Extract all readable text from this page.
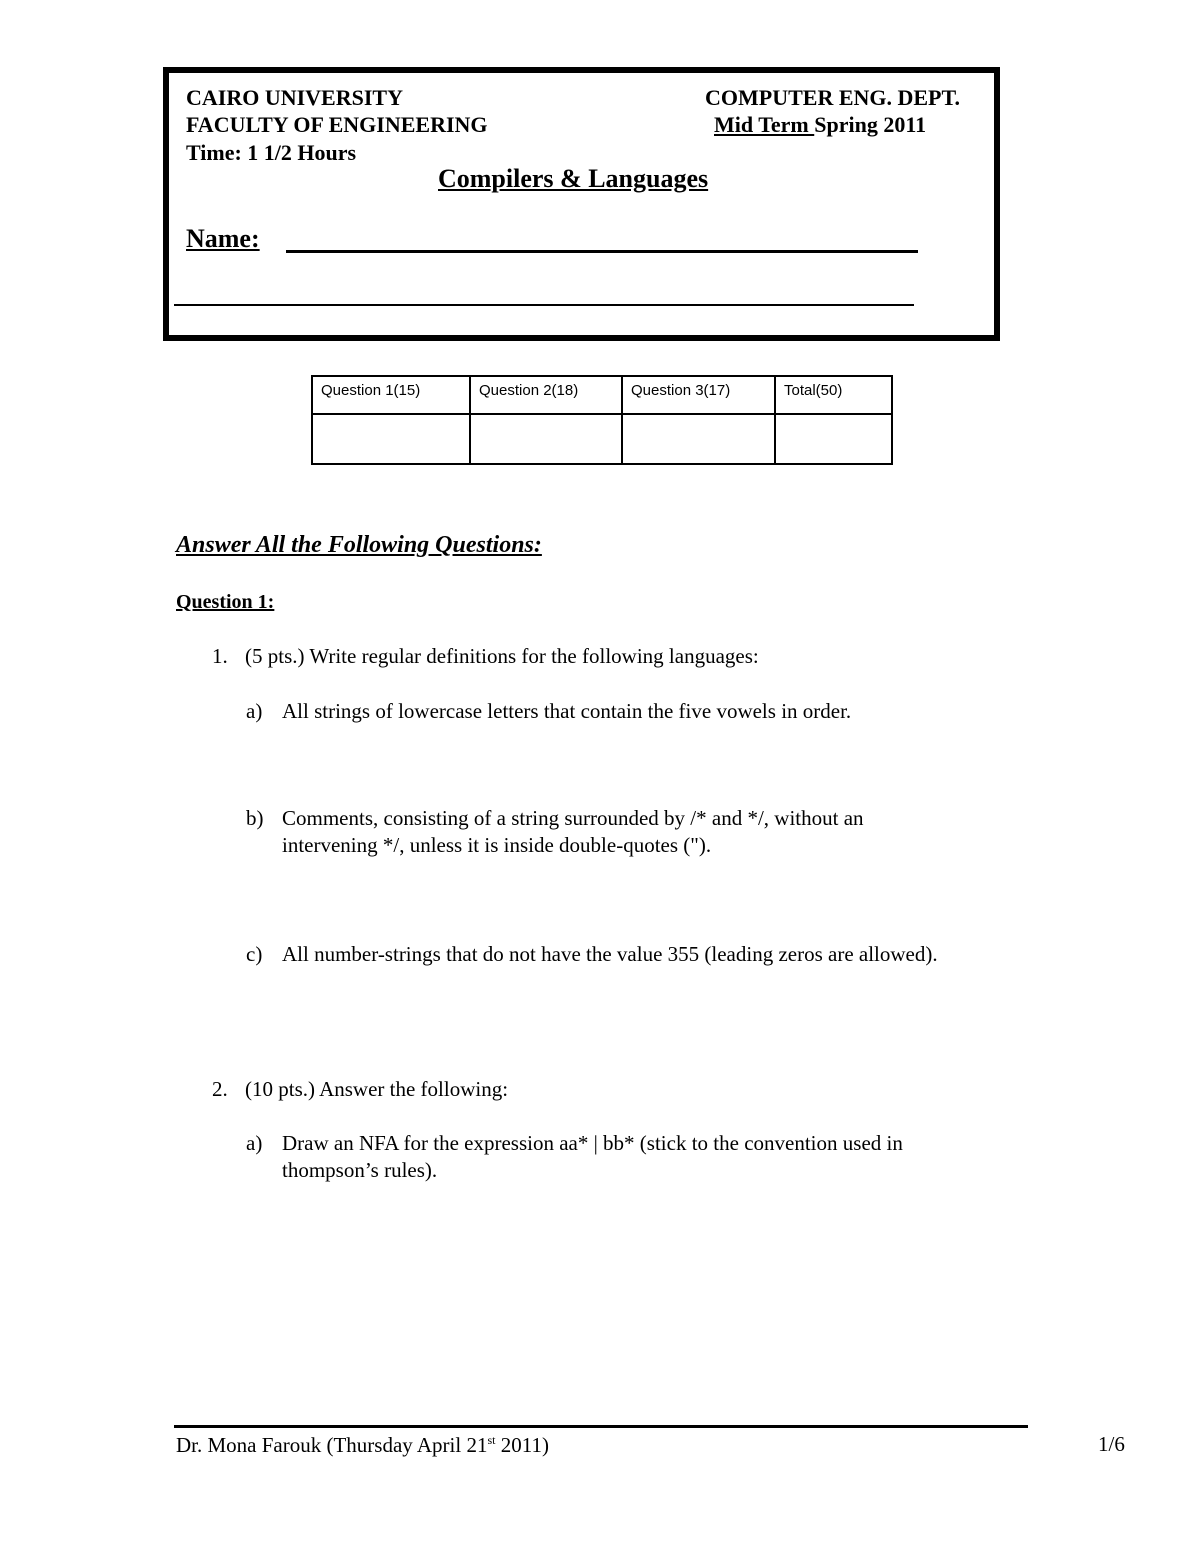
CAIRO UNIVERSITY
FACULTY OF ENGINEERING
Time: 1 1/2 Hours
COMPUTER ENG. DEPT.
Mid Term Spring 2011
Compilers & Languages
Name:
Question 1(15)	Question 2(18)	Question 3(17)	Total(50)

Answer All the Following Questions:
Question 1:
1. (5 pts.) Write regular definitions for the following languages:
a) All strings of lowercase letters that contain the five vowels in order.
b) Comments, consisting of a string surrounded by /* and */, without an
intervening */, unless it is inside double-quotes (").
c) All number-strings that do not have the value 355 (leading zeros are allowed).
2. (10 pts.) Answer the following:
a) Draw an NFA for the expression aa* | bb* (stick to the convention used in
thompson’s rules).
Dr. Mona Farouk (Thursday April 21st 2011)	1/6
